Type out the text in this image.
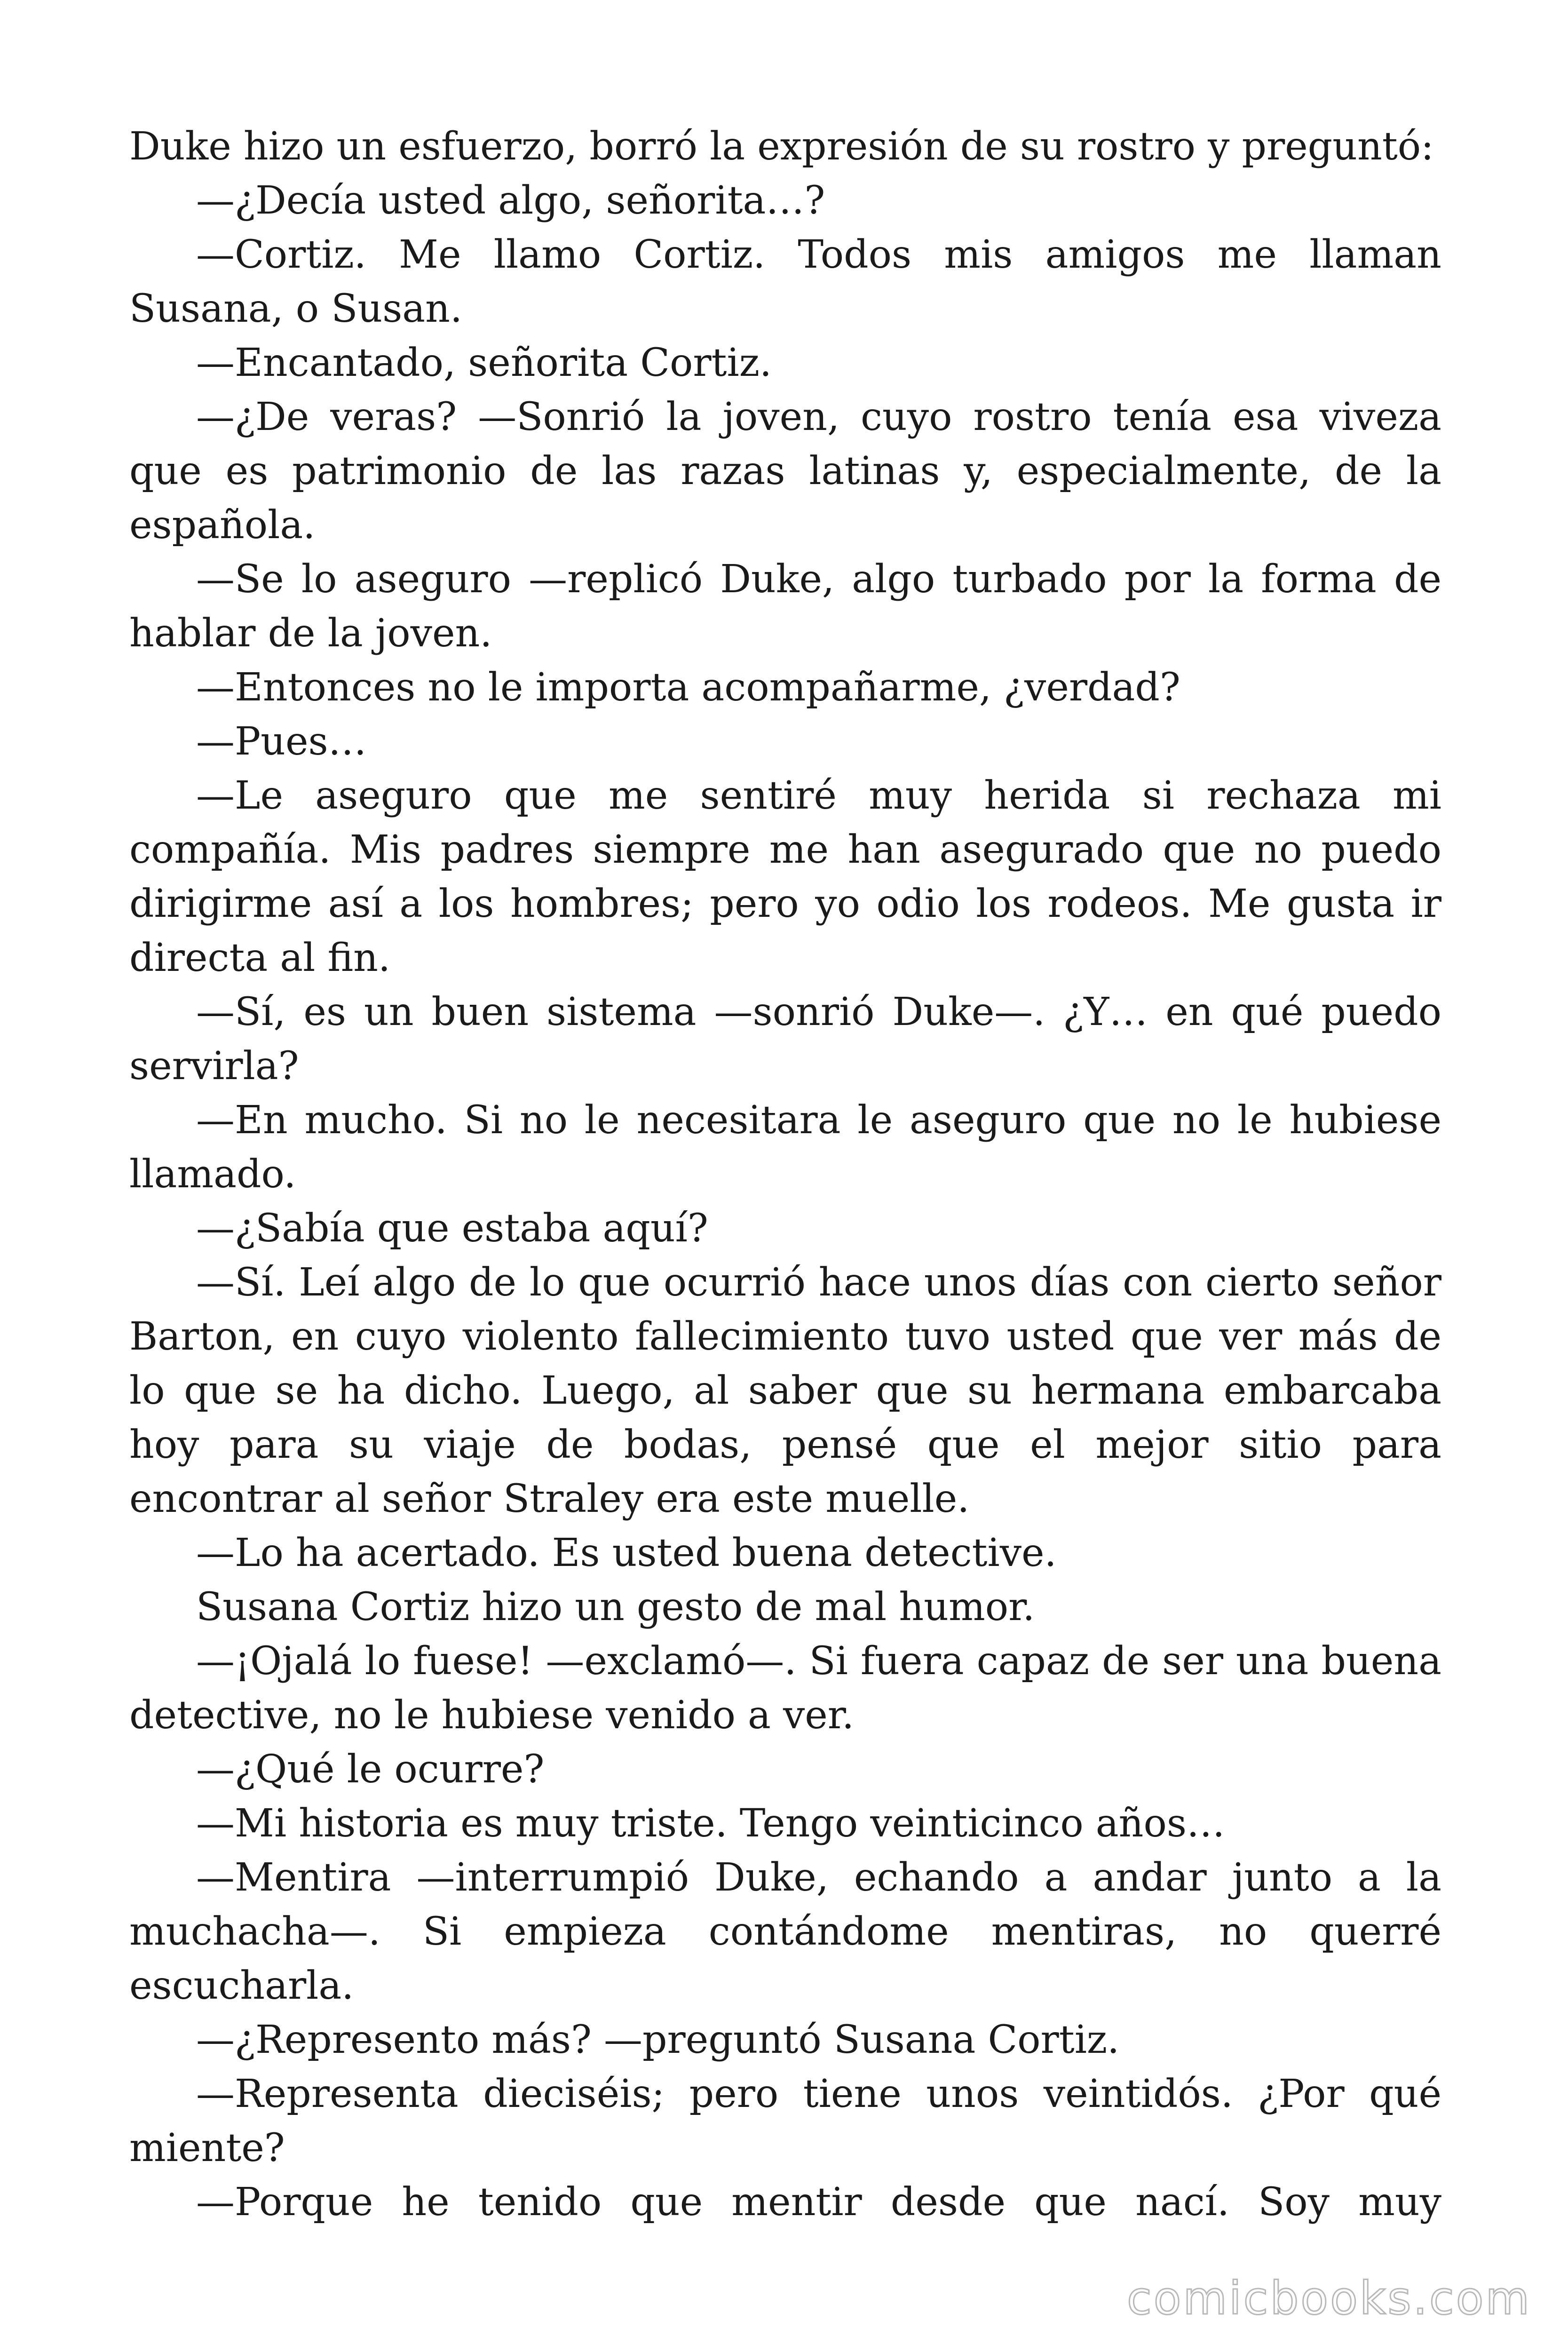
Duke hizo un esfuerzo, borró la expresión de su rostro y preguntó:

—¿Decía usted algo, señorita…?

—Cortiz. Me llamo Cortiz. Todos mis amigos me llaman Susana, o Susan.

—Encantado, señorita Cortiz.

—¿De veras? —Sonrió la joven, cuyo rostro tenía esa viveza que es patrimonio de las razas latinas y, especialmente, de la española.

—Se lo aseguro —replicó Duke, algo turbado por la forma de hablar de la joven.

—Entonces no le importa acompañarme, ¿verdad?

—Pues…

—Le aseguro que me sentiré muy herida si rechaza mi compañía. Mis padres siempre me han asegurado que no puedo dirigirme así a los hombres; pero yo odio los rodeos. Me gusta ir directa al fin.

—Sí, es un buen sistema —sonrió Duke—. ¿Y… en qué puedo servirla?

—En mucho. Si no le necesitara le aseguro que no le hubiese llamado.

—¿Sabía que estaba aquí?

—Sí. Leí algo de lo que ocurrió hace unos días con cierto señor Barton, en cuyo violento fallecimiento tuvo usted que ver más de lo que se ha dicho. Luego, al saber que su hermana embarcaba hoy para su viaje de bodas, pensé que el mejor sitio para encontrar al señor Straley era este muelle.

—Lo ha acertado. Es usted buena detective.

Susana Cortiz hizo un gesto de mal humor.

—¡Ojalá lo fuese! —exclamó—. Si fuera capaz de ser una buena detective, no le hubiese venido a ver.

—¿Qué le ocurre?

—Mi historia es muy triste. Tengo veinticinco años…

—Mentira —interrumpió Duke, echando a andar junto a la muchacha—. Si empieza contándome mentiras, no querré escucharla.

—¿Represento más? —preguntó Susana Cortiz.

—Representa dieciséis; pero tiene unos veintidós. ¿Por qué miente?

—Porque he tenido que mentir desde que nací. Soy muy

comicbooks.com
